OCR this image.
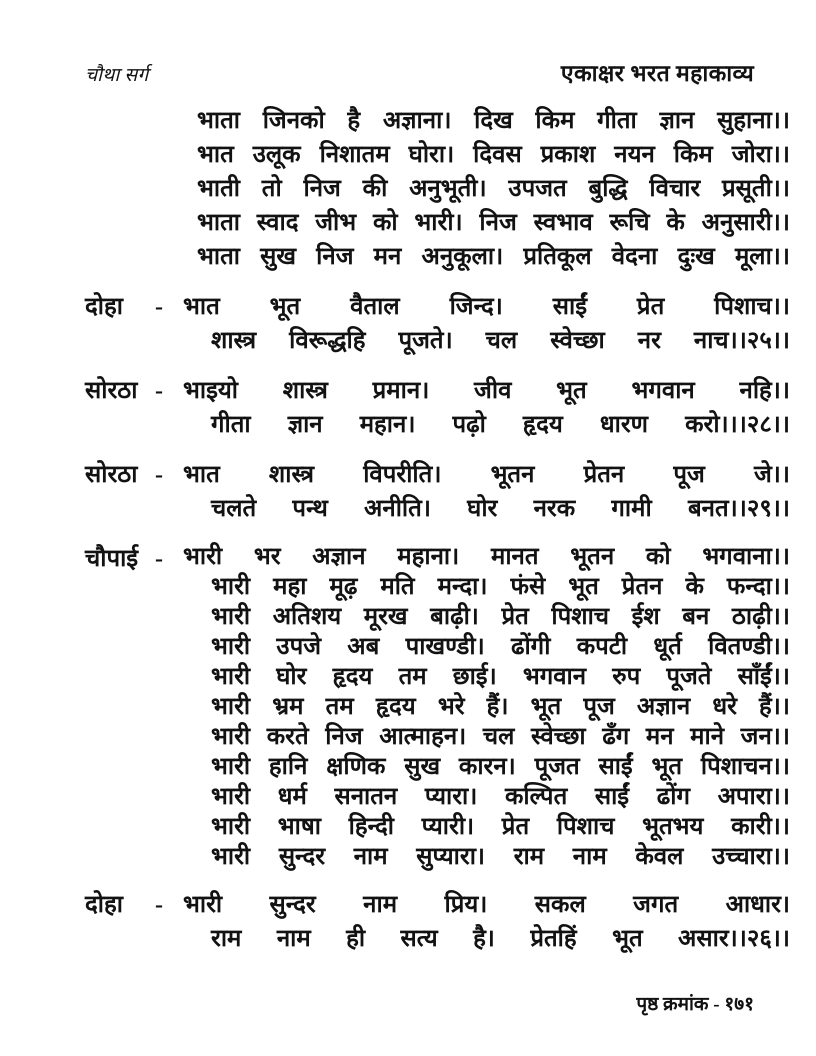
चौथा सर्ग	एकाक्षर भरत महाकाव्य

भाता जिनको है अज्ञाना। दिख किम गीता ज्ञान सुहाना।।

भात उलूक निशातम घोरा। दिवस प्रकाश नयन किम जोरा।।

भाती तो निज की अनुभूती। उपजत बुद्धि विचार प्रसूती।।

भाता स्वाद जीभ को भारी। निज स्वभाव रूचि के अनुसारी।।

भाता सुख निज मन अनुकूला। प्रतिकूल वेदना दुःख मूला।।

दोहा	- भात भूत वैताल जिन्द। साईं प्रेत पिशाच।।

शास्त्र विरूद्धहि पूजते। चल स्वेच्छा नर नाच।।२५।।

सोरठा - भाइयो शास्त्र प्रमान। जीव भूत भगवान नहि।।

गीता ज्ञान महान। पढ़ो हृदय धारण करो।।।२८।।

सोरठा - भात शास्त्र विपरीति। भूतन प्रेतन पूज जे।।

चलते पन्थ अनीति। घोर नरक गामी बनत।।२९।।

चौपाई - भारी भर अज्ञान महाना। मानत भूतन को भगवाना।।

भारी महा मूढ़ मति मन्दा। फंसे भूत प्रेतन के फन्दा।।

भारी अतिशय मूरख बाढ़ी। प्रेत पिशाच ईश बन ठाढ़ी।।

भारी उपजे अब पाखण्डी। ढोंगी कपटी धूर्त वितण्डी।।

भारी घोर हृदय तम छाई। भगवान रुप पूजते साँईं।।

भारी भ्रम तम हृदय भरे हैं। भूत पूज अज्ञान धरे हैं।।

भारी करते निज आत्माहन। चल स्वेच्छा ढँग मन माने जन।।

भारी हानि क्षणिक सुख कारन। पूजत साईं भूत पिशाचन।।

भारी धर्म सनातन प्यारा। कल्पित साईं ढोंग अपारा।।

भारी भाषा हिन्दी प्यारी। प्रेत पिशाच भूतभय कारी।।

भारी सुन्दर नाम सुप्यारा। राम नाम केवल उच्चारा।।

दोहा	- भारी सुन्दर नाम प्रिय। सकल जगत आधार।

राम नाम ही सत्य है। प्रेतहिं भूत असार।।२६।।

पृष्ठ क्रमांक - १७१
